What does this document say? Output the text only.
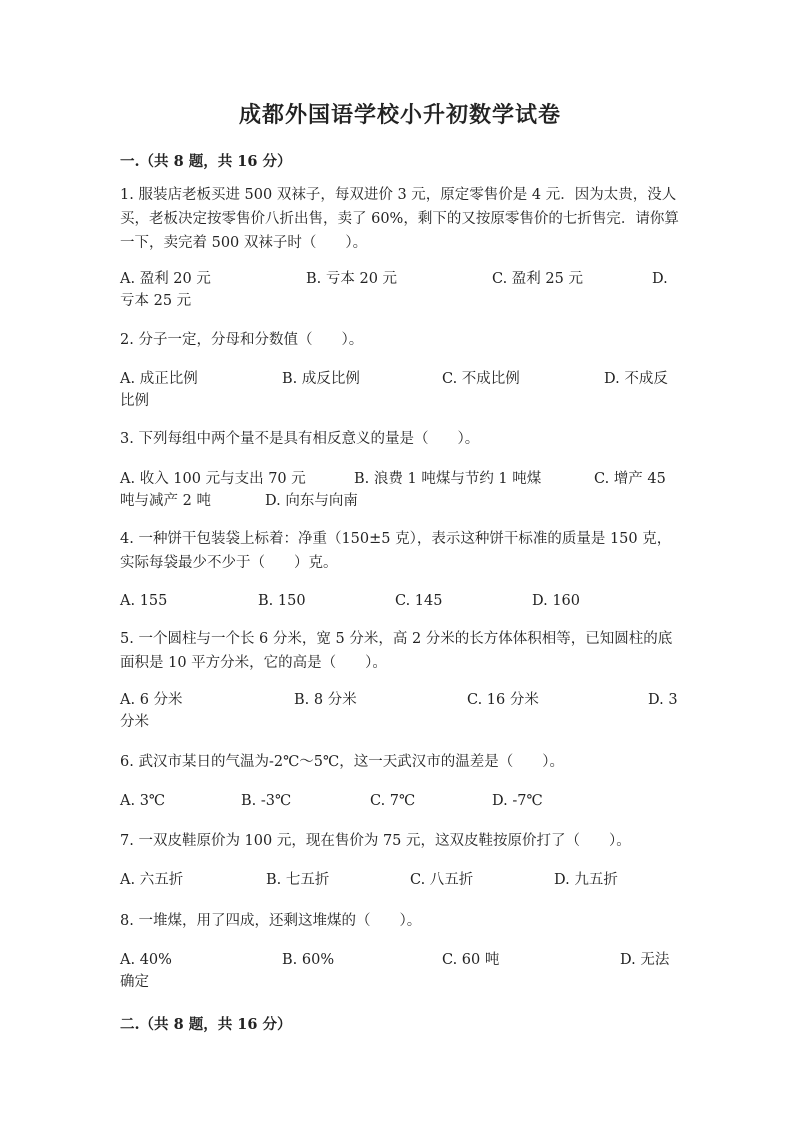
成都外国语学校小升初数学试卷
一.（共 8 题，共 16 分）
1. 服装店老板买进 500 双袜子，每双进价 3 元，原定零售价是 4 元．因为太贵，没人买，老板决定按零售价八折出售，卖了 60%，剩下的又按原零售价的七折售完．请你算一下，卖完着 500 双袜子时（　　）。
A. 盈利 20 元	B. 亏本 20 元	C. 盈利 25 元	D.
亏本 25 元
2. 分子一定，分母和分数值（　　）。
A. 成正比例	B. 成反比例	C. 不成比例	D. 不成反
比例
3. 下列每组中两个量不是具有相反意义的量是（　　）。
A. 收入 100 元与支出 70 元	B. 浪费 1 吨煤与节约 1 吨煤	C. 增产 45
吨与减产 2 吨	D. 向东与向南
4. 一种饼干包装袋上标着：净重（150±5 克），表示这种饼干标准的质量是 150 克，实际每袋最少不少于（　　）克。
A. 155	B. 150	C. 145	D. 160
5. 一个圆柱与一个长 6 分米，宽 5 分米，高 2 分米的长方体体积相等，已知圆柱的底面积是 10 平方分米，它的高是（　　）。
A. 6 分米	B. 8 分米	C. 16 分米	D. 3
分米
6. 武汉市某日的气温为-2℃～5℃，这一天武汉市的温差是（　　）。
A. 3℃	B. -3℃	C. 7℃	D. -7℃
7. 一双皮鞋原价为 100 元，现在售价为 75 元，这双皮鞋按原价打了（　　）。
A. 六五折	B. 七五折	C. 八五折	D. 九五折
8. 一堆煤，用了四成，还剩这堆煤的（　　）。
A. 40%	B. 60%	C. 60 吨	D. 无法
确定
二.（共 8 题，共 16 分）
